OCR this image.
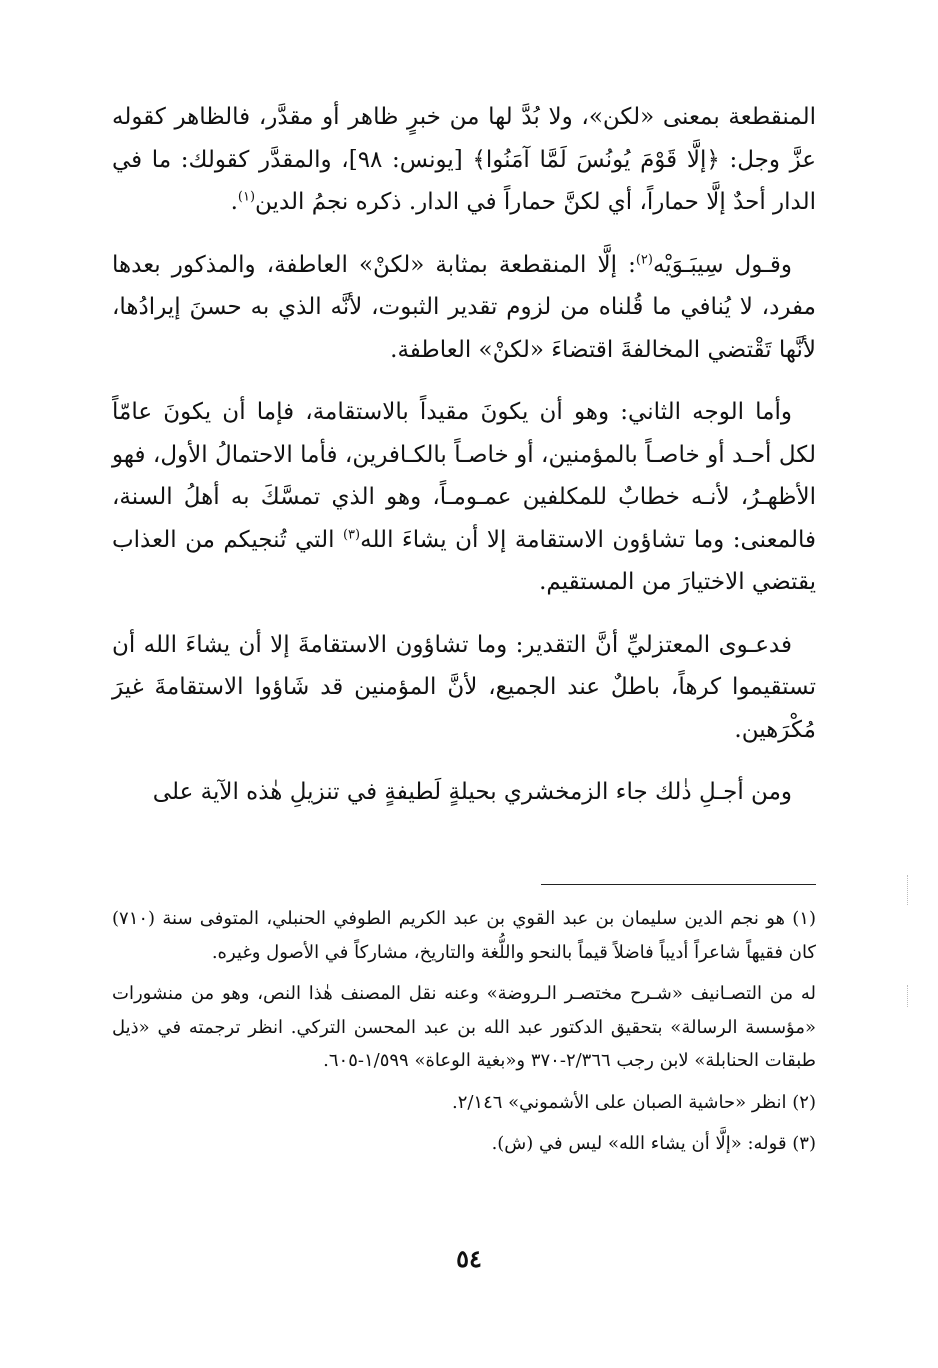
المنقطعة بمعنى «لكن»، ولا بُدَّ لها من خبرٍ ظاهر أو مقدَّر، فالظاهر كقوله عزَّ وجل: ﴿إلَّا قَوْمَ يُونُسَ لَمَّا آمَنُوا﴾ [يونس: ٩٨]، والمقدَّر كقولك: ما في الدار أحدٌ إلَّا حماراً، أي لكنَّ حماراً في الدار. ذكره نجمُ الدين$^{(١)}$.

وقـول سِيبَـوَيْه$^{(٢)}$: إلَّا المنقطعة بمثابة «لكنْ» العاطفة، والمذكور بعدها مفرد، لا يُنافي ما قُلناه من لزوم تقدير الثبوت، لأنَّه الذي به حسنَ إيرادُها، لأنَّها تَقْتضي المخالفةَ اقتضاءَ «لكنْ» العاطفة.

وأما الوجه الثاني: وهو أن يكونَ مقيداً بالاستقامة، فإما أن يكونَ عامّاً لكل أحـد أو خاصـاً بالمؤمنين، أو خاصـاً بالكـافرين، فأما الاحتمالُ الأول، فهو الأظهـرُ، لأنـه خطابٌ للمكلفين عمـومـاً، وهو الذي تمسَّكَ به أهلُ السنة، فالمعنى: وما تشاؤون الاستقامة إلا أن يشاءَ الله$^{(٣)}$ التي تُنجيكم من العذاب يقتضي الاختيارَ من المستقيم.

فدعـوى المعتزليِّ أنَّ التقدير: وما تشاؤون الاستقامةَ إلا أن يشاءَ الله أن تستقيموا كرهاً، باطلٌ عند الجميع، لأنَّ المؤمنين قد شَاؤوا الاستقامةَ غيرَ مُكْرَهين.

ومن أجـلِ ذٰلك جاء الزمخشري بحيلةٍ لَطيفةٍ في تنزيلِ هٰذه الآية على

(١) هو نجم الدين سليمان بن عبد القوي بن عبد الكريم الطوفي الحنبلي، المتوفى سنة (٧١٠) كان فقيهاً شاعراً أديباً فاضلاً قيماً بالنحو واللُّغة والتاريخ، مشاركاً في الأصول وغيره.

له من التصـانيف «شـرح مختصـر الـروضة» وعنه نقل المصنف هٰذا النص، وهو من منشورات «مؤسسة الرسالة» بتحقيق الدكتور عبد الله بن عبد المحسن التركي. انظر ترجمته في «ذيل طبقات الحنابلة» لابن رجب ٢/٣٦٦-٣٧٠ و«بغية الوعاة» ١/٥٩٩-٦٠٥.

(٢) انظر «حاشية الصبان على الأشموني» ٢/١٤٦.

(٣) قوله: «إلَّا أن يشاء الله» ليس في (ش).

٥٤
